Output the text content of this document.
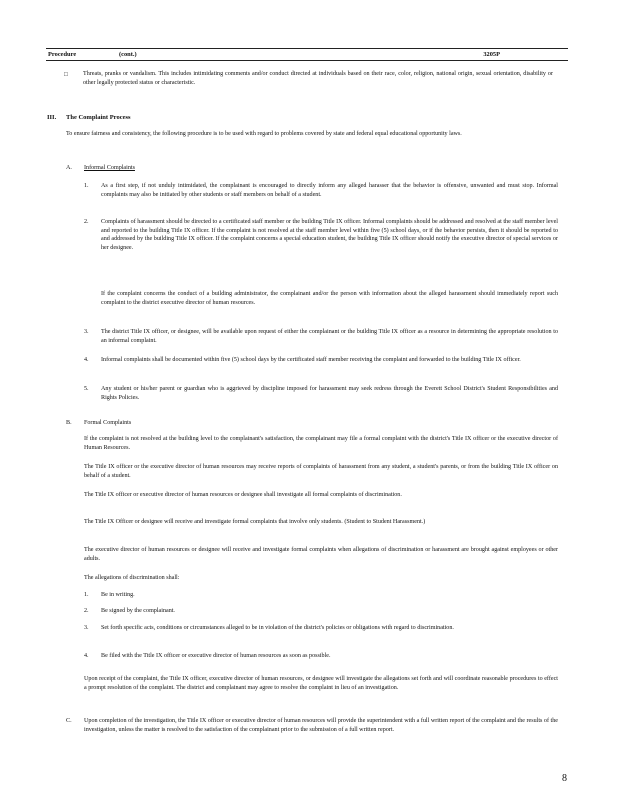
Procedure	(cont.)	3205P
□	Threats, pranks or vandalism. This includes intimidating comments and/or conduct directed at individuals based on their race, color, religion, national origin, sexual orientation, disability or other legally protected status or characteristic.
III. The Complaint Process
To ensure fairness and consistency, the following procedure is to be used with regard to problems covered by state and federal equal educational opportunity laws.
A. Informal Complaints
1. As a first step, if not unduly intimidated, the complainant is encouraged to directly inform any alleged harasser that the behavior is offensive, unwanted and must stop. Informal complaints may also be initiated by other students or staff members on behalf of a student.
2. Complaints of harassment should be directed to a certificated staff member or the building Title IX officer. Informal complaints should be addressed and resolved at the staff member level and reported to the building Title IX officer. If the complaint is not resolved at the staff member level within five (5) school days, or if the behavior persists, then it should be reported to and addressed by the building Title IX officer. If the complaint concerns a special education student, the building Title IX officer should notify the executive director of special services or her designee.
If the complaint concerns the conduct of a building administrator, the complainant and/or the person with information about the alleged harassment should immediately report such complaint to the district executive director of human resources.
3. The district Title IX officer, or designee, will be available upon request of either the complainant or the building Title IX officer as a resource in determining the appropriate resolution to an informal complaint.
4. Informal complaints shall be documented within five (5) school days by the certificated staff member receiving the complaint and forwarded to the building Title IX officer.
5. Any student or his/her parent or guardian who is aggrieved by discipline imposed for harassment may seek redress through the Everett School District's Student Responsibilities and Rights Policies.
B. Formal Complaints
If the complaint is not resolved at the building level to the complainant's satisfaction, the complainant may file a formal complaint with the district's Title IX officer or the executive director of Human Resources.
The Title IX officer or the executive director of human resources may receive reports of complaints of harassment from any student, a student's parents, or from the building Title IX officer on behalf of a student.
The Title IX officer or executive director of human resources or designee shall investigate all formal complaints of discrimination.
The Title IX Officer or designee will receive and investigate formal complaints that involve only students. (Student to Student Harassment.)
The executive director of human resources or designee will receive and investigate formal complaints when allegations of discrimination or harassment are brought against employees or other adults.
The allegations of discrimination shall:
1. Be in writing.
2. Be signed by the complainant.
3. Set forth specific acts, conditions or circumstances alleged to be in violation of the district's policies or obligations with regard to discrimination.
4. Be filed with the Title IX officer or executive director of human resources as soon as possible.
Upon receipt of the complaint, the Title IX officer, executive director of human resources, or designee will investigate the allegations set forth and will coordinate reasonable procedures to effect a prompt resolution of the complaint. The district and complainant may agree to resolve the complaint in lieu of an investigation.
C. Upon completion of the investigation, the Title IX officer or executive director of human resources will provide the superintendent with a full written report of the complaint and the results of the investigation, unless the matter is resolved to the satisfaction of the complainant prior to the submission of a full written report.
8
